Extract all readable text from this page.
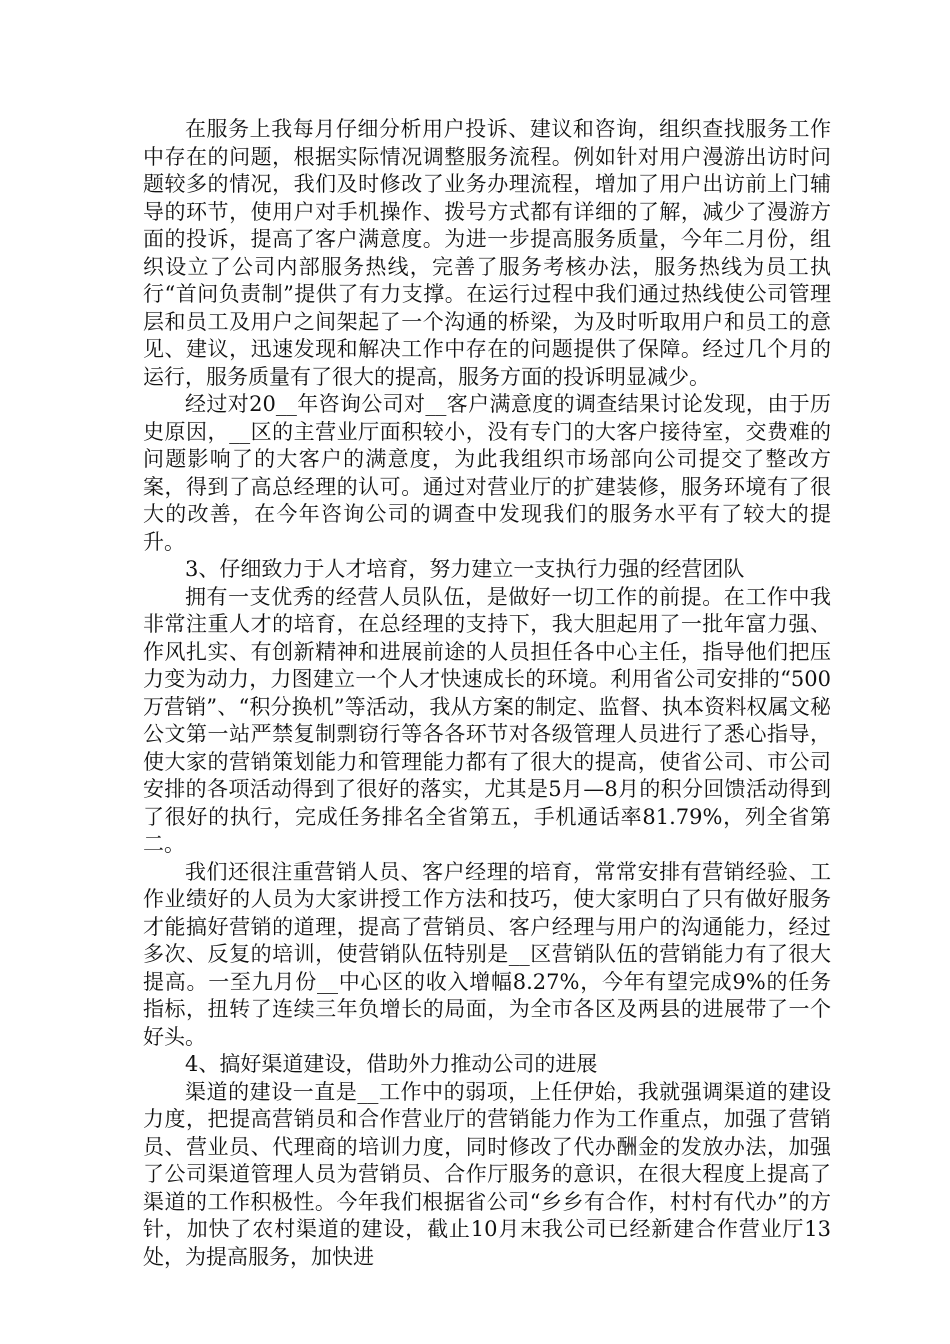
在服务上我每月仔细分析用户投诉、建议和咨询，组织查找服务工作中存在的问题，根据实际情况调整服务流程。例如针对用户漫游出访时问题较多的情况，我们及时修改了业务办理流程，增加了用户出访前上门辅导的环节，使用户对手机操作、拨号方式都有详细的了解，减少了漫游方面的投诉，提高了客户满意度。为进一步提高服务质量，今年二月份，组织设立了公司内部服务热线，完善了服务考核办法，服务热线为员工执行“首问负责制”提供了有力支撑。在运行过程中我们通过热线使公司管理层和员工及用户之间架起了一个沟通的桥梁，为及时听取用户和员工的意见、建议，迅速发现和解决工作中存在的问题提供了保障。经过几个月的运行，服务质量有了很大的提高，服务方面的投诉明显减少。

经过对20__年咨询公司对__客户满意度的调查结果讨论发现，由于历史原因，__区的主营业厅面积较小，没有专门的大客户接待室，交费难的问题影响了的大客户的满意度，为此我组织市场部向公司提交了整改方案，得到了高总经理的认可。通过对营业厅的扩建装修，服务环境有了很大的改善，在今年咨询公司的调查中发现我们的服务水平有了较大的提升。

3、仔细致力于人才培育，努力建立一支执行力强的经营团队

拥有一支优秀的经营人员队伍，是做好一切工作的前提。在工作中我非常注重人才的培育，在总经理的支持下，我大胆起用了一批年富力强、作风扎实、有创新精神和进展前途的人员担任各中心主任，指导他们把压力变为动力，力图建立一个人才快速成长的环境。利用省公司安排的“500万营销”、“积分换机”等活动，我从方案的制定、监督、执本资料权属文秘公文第一站严禁复制剽窃行等各各环节对各级管理人员进行了悉心指导，使大家的营销策划能力和管理能力都有了很大的提高，使省公司、市公司安排的各项活动得到了很好的落实，尤其是5月—8月的积分回馈活动得到了很好的执行，完成任务排名全省第五，手机通话率81.79%，列全省第二。

我们还很注重营销人员、客户经理的培育，常常安排有营销经验、工作业绩好的人员为大家讲授工作方法和技巧，使大家明白了只有做好服务才能搞好营销的道理，提高了营销员、客户经理与用户的沟通能力，经过多次、反复的培训，使营销队伍特别是__区营销队伍的营销能力有了很大提高。一至九月份__中心区的收入增幅8.27%，今年有望完成9%的任务指标，扭转了连续三年负增长的局面，为全市各区及两县的进展带了一个好头。

4、搞好渠道建设，借助外力推动公司的进展

渠道的建设一直是__工作中的弱项，上任伊始，我就强调渠道的建设力度，把提高营销员和合作营业厅的营销能力作为工作重点，加强了营销员、营业员、代理商的培训力度，同时修改了代办酬金的发放办法，加强了公司渠道管理人员为营销员、合作厅服务的意识，在很大程度上提高了渠道的工作积极性。今年我们根据省公司“乡乡有合作，村村有代办”的方针，加快了农村渠道的建设，截止10月末我公司已经新建合作营业厅13处，为提高服务，加快进
